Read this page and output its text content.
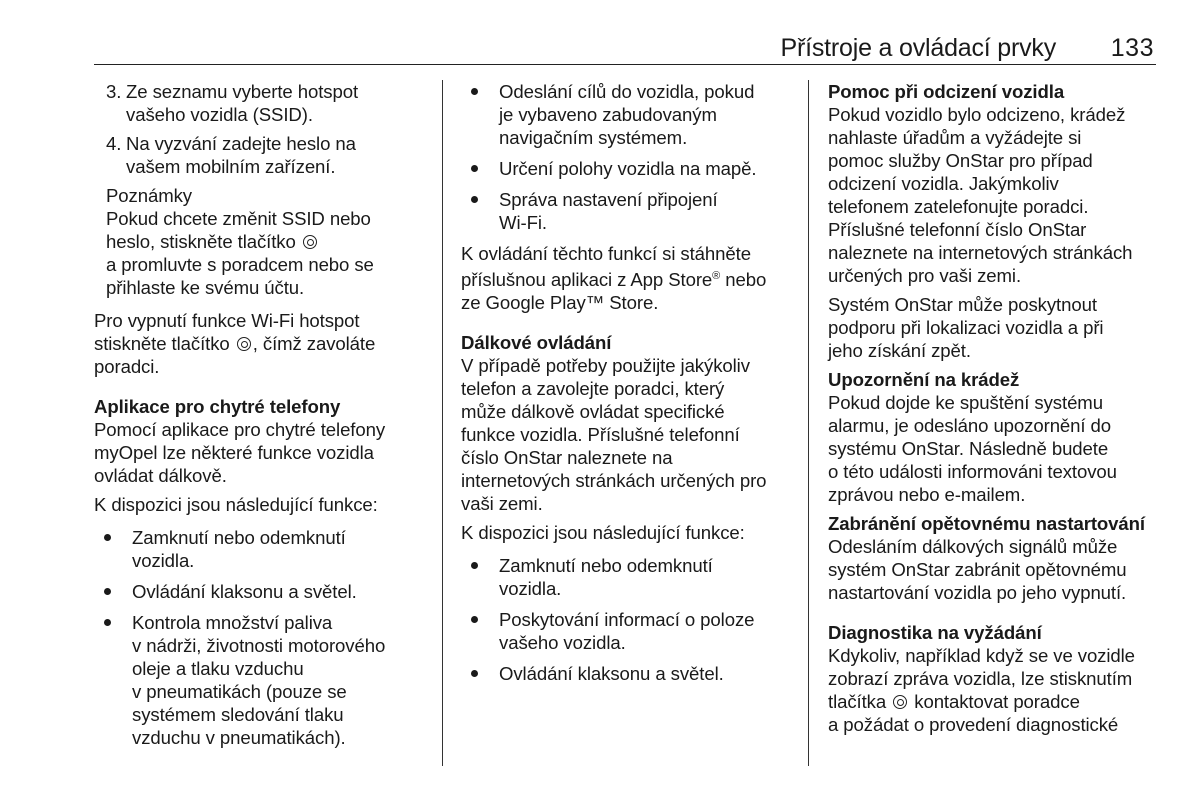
Přístroje a ovládací prvky 133
3. Ze seznamu vyberte hotspot
vašeho vozidla (SSID).
4. Na vyzvání zadejte heslo na
vašem mobilním zařízení.
Poznámky
Pokud chcete změnit SSID nebo
heslo, stiskněte tlačítko
a promluvte s poradcem nebo se
přihlaste ke svému účtu.
Pro vypnutí funkce Wi-Fi hotspot
stiskněte tlačítko , čímž zavoláte
poradci.
Aplikace pro chytré telefony
Pomocí aplikace pro chytré telefony
myOpel lze některé funkce vozidla
ovládat dálkově.
K dispozici jsou následující funkce:
Zamknutí nebo odemknutí
vozidla.
Ovládání klaksonu a světel.
Kontrola množství paliva
v nádrži, životnosti motorového
oleje a tlaku vzduchu
v pneumatikách (pouze se
systémem sledování tlaku
vzduchu v pneumatikách).
Odeslání cílů do vozidla, pokud
je vybaveno zabudovaným
navigačním systémem.
Určení polohy vozidla na mapě.
Správa nastavení připojení
Wi-Fi.
K ovládání těchto funkcí si stáhněte
příslušnou aplikaci z App Store® nebo
ze Google Play™ Store.
Dálkové ovládání
V případě potřeby použijte jakýkoliv
telefon a zavolejte poradci, který
může dálkově ovládat specifické
funkce vozidla. Příslušné telefonní
číslo OnStar naleznete na
internetových stránkách určených pro
vaši zemi.
K dispozici jsou následující funkce:
Zamknutí nebo odemknutí
vozidla.
Poskytování informací o poloze
vašeho vozidla.
Ovládání klaksonu a světel.
Pomoc při odcizení vozidla
Pokud vozidlo bylo odcizeno, krádež
nahlaste úřadům a vyžádejte si
pomoc služby OnStar pro případ
odcizení vozidla. Jakýmkoliv
telefonem zatelefonujte poradci.
Příslušné telefonní číslo OnStar
naleznete na internetových stránkách
určených pro vaši zemi.
Systém OnStar může poskytnout
podporu při lokalizaci vozidla a při
jeho získání zpět.
Upozornění na krádež
Pokud dojde ke spuštění systému
alarmu, je odesláno upozornění do
systému OnStar. Následně budete
o této události informováni textovou
zprávou nebo e-mailem.
Zabránění opětovnému nastartování
Odesláním dálkových signálů může
systém OnStar zabránit opětovnému
nastartování vozidla po jeho vypnutí.
Diagnostika na vyžádání
Kdykoliv, například když se ve vozidle
zobrazí zpráva vozidla, lze stisknutím
tlačítka  kontaktovat poradce
a požádat o provedení diagnostické
